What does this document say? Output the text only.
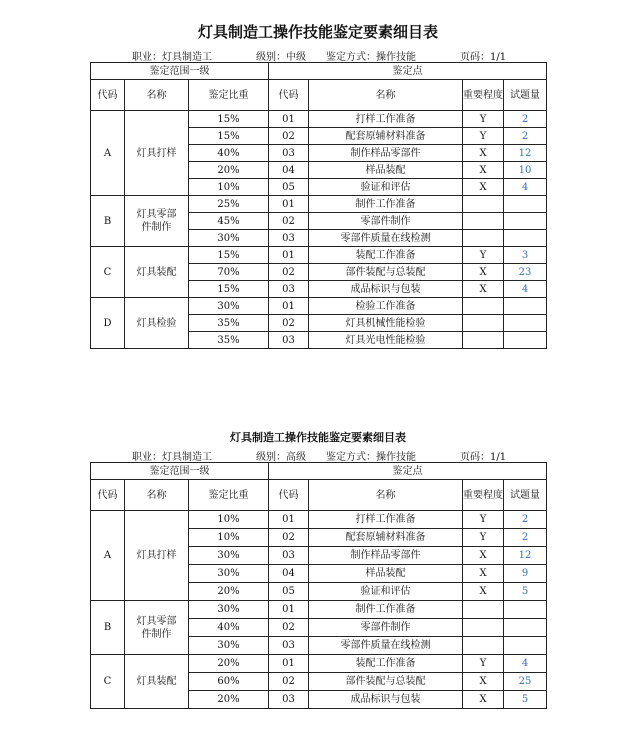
灯具制造工操作技能鉴定要素细目表
职业：灯具制造工	级别：中级 鉴定方式：操作技能	页码：1/1
鉴定范围一级			鉴定点			
代码	名称	鉴定比重	代码	名称	重要程度	试题量
A	灯具打样	15%	01	打样工作准备	Y	2
		15%	02	配套原辅材料准备	Y	2
		40%	03	制作样品零部件	X	12
		20%	04	样品装配	X	10
		10%	05	验证和评估	X	4
B	灯具零部件制作	25%	01	制件工作准备		
		45%	02	零部件制作		
		30%	03	零部件质量在线检测		
C	灯具装配	15%	01	装配工作准备	Y	3
		70%	02	部件装配与总装配	X	23
		15%	03	成品标识与包装	X	4
D	灯具检验	30%	01	检验工作准备		
		35%	02	灯具机械性能检验		
		35%	03	灯具光电性能检验		
灯具制造工操作技能鉴定要素细目表
职业：灯具制造工	级别：高级 鉴定方式：操作技能	页码：1/1
鉴定范围一级			鉴定点			
代码	名称	鉴定比重	代码	名称	重要程度	试题量
A	灯具打样	10%	01	打样工作准备	Y	2
		10%	02	配套原辅材料准备	Y	2
		30%	03	制作样品零部件	X	12
		30%	04	样品装配	X	9
		20%	05	验证和评估	X	5
B	灯具零部件制作	30%	01	制件工作准备		
		40%	02	零部件制作		
		30%	03	零部件质量在线检测		
C	灯具装配	20%	01	装配工作准备	Y	4
		60%	02	部件装配与总装配	X	25
		20%	03	成品标识与包装	X	5
